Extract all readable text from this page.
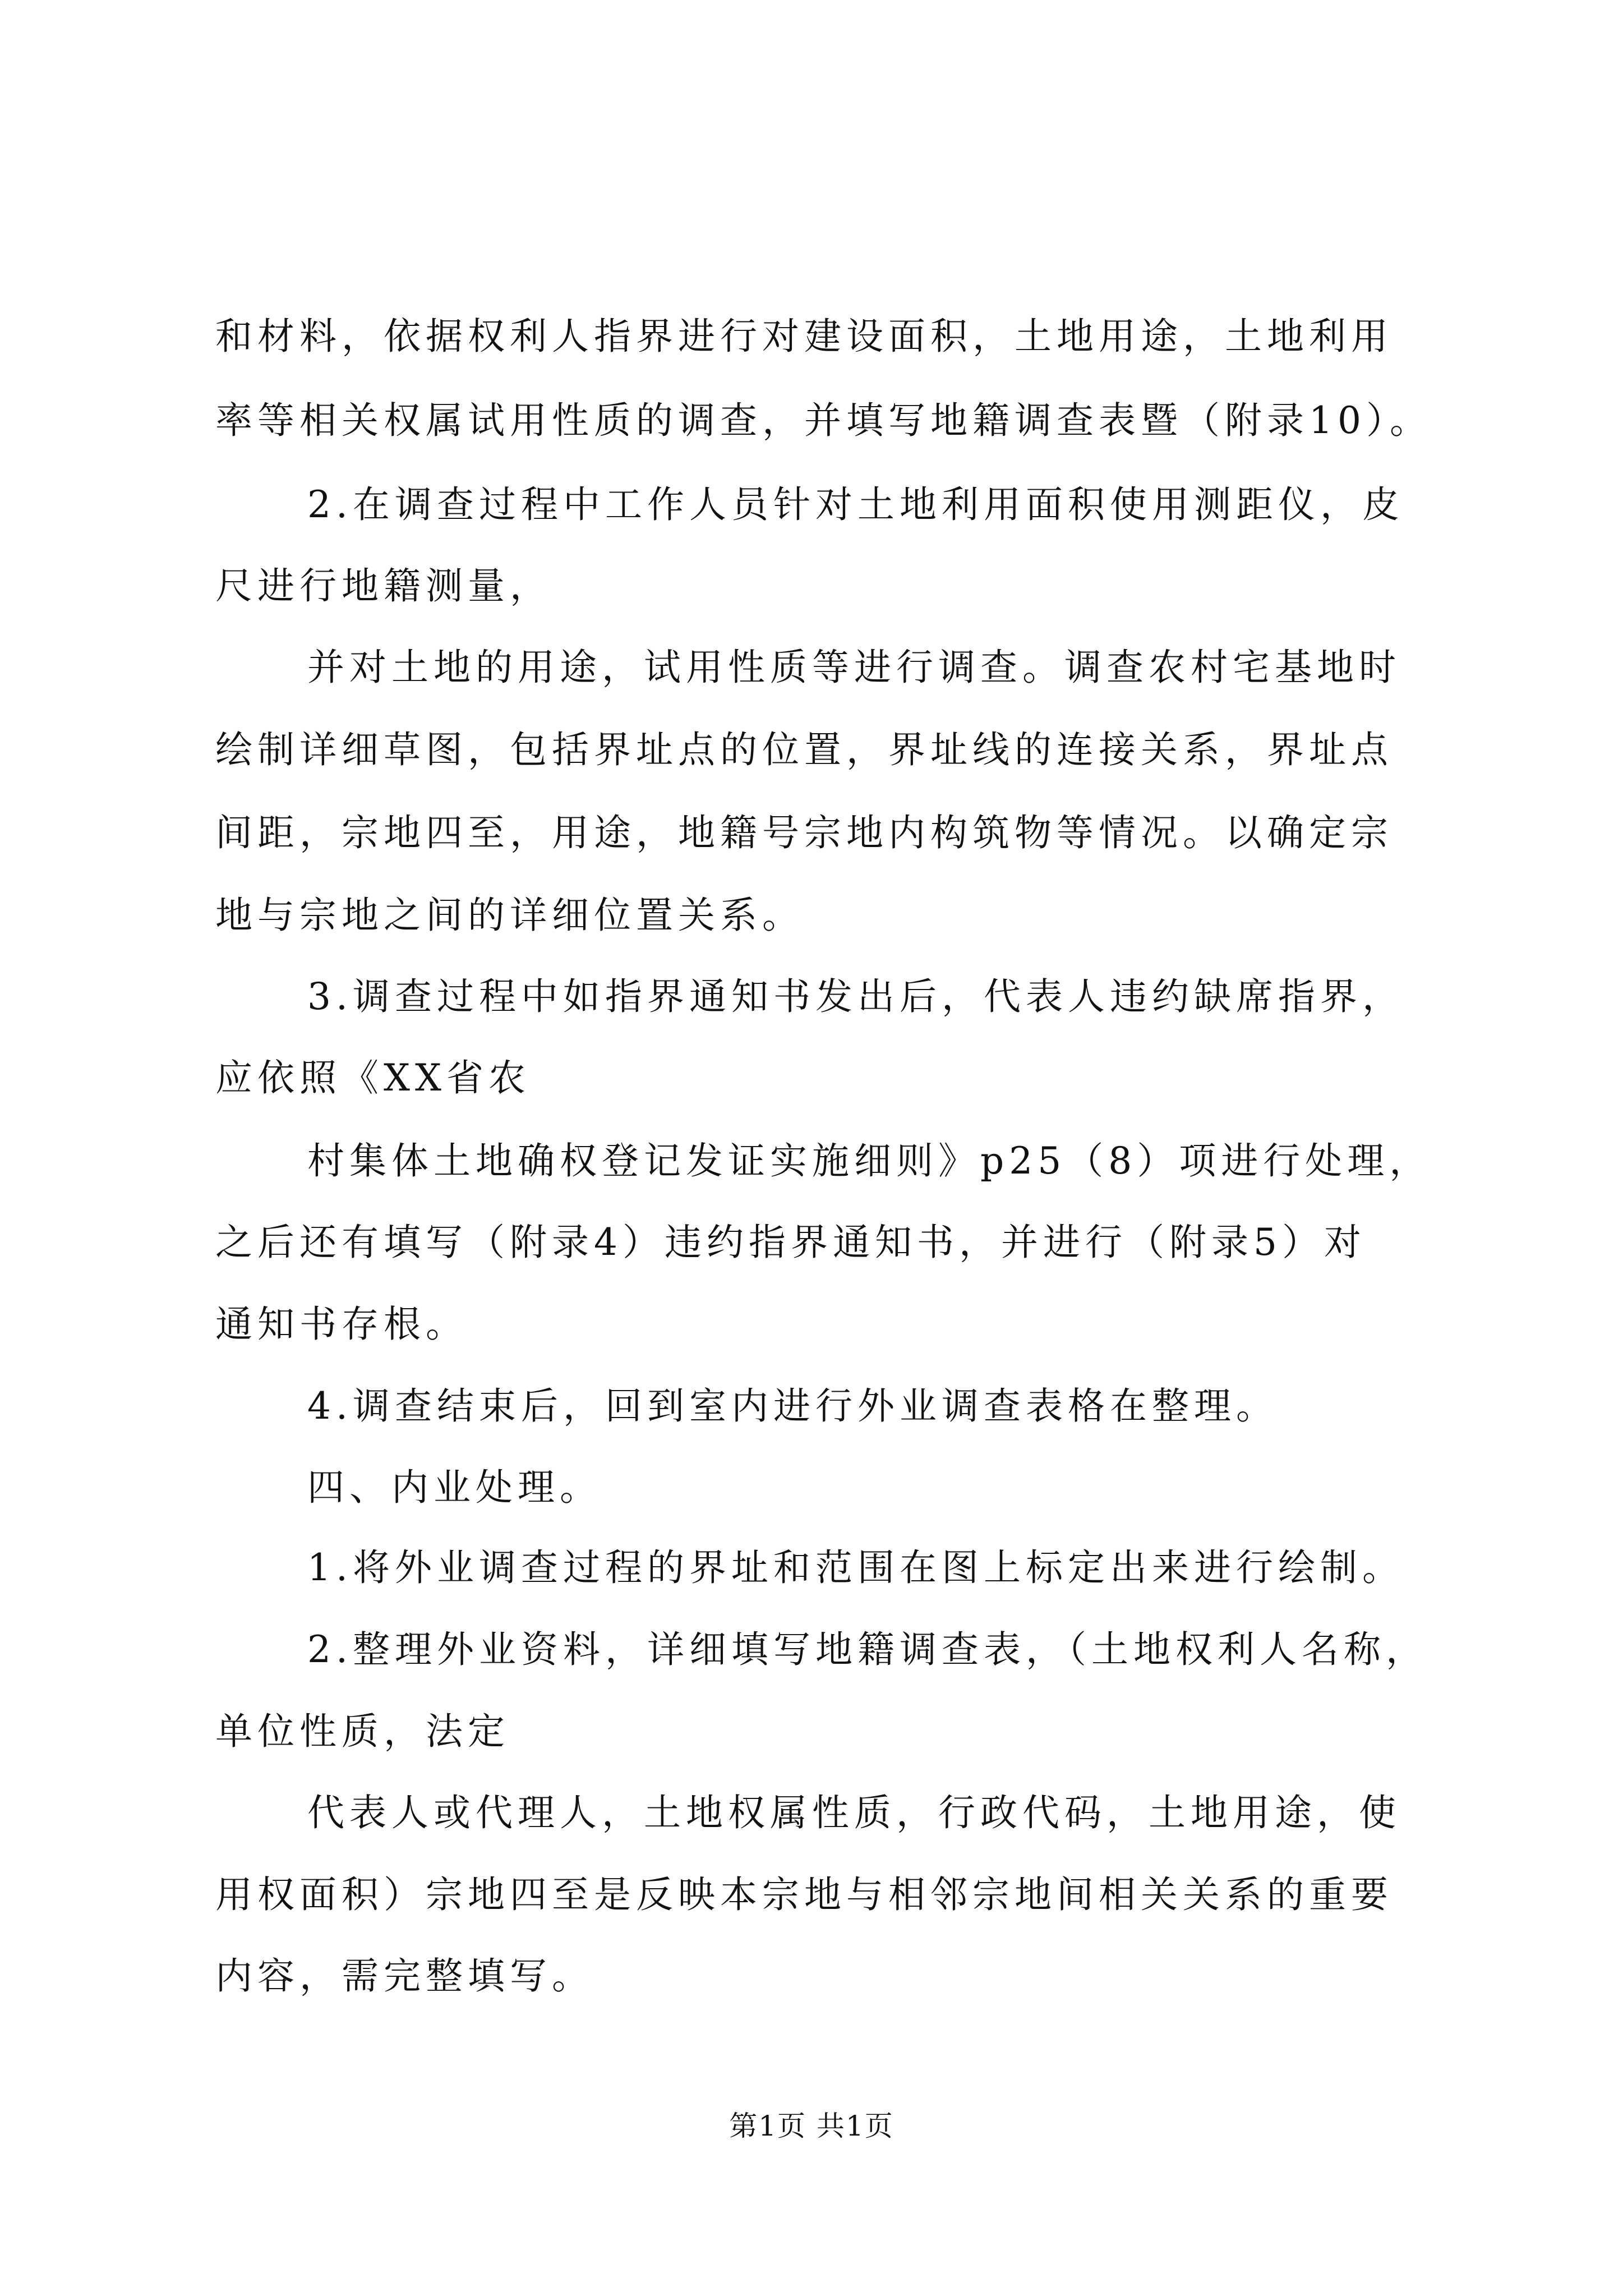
和材料，依据权利人指界进行对建设面积，土地用途，土地利用
率等相关权属试用性质的调查，并填写地籍调查表暨（附录10）。
2.在调查过程中工作人员针对土地利用面积使用测距仪，皮
尺进行地籍测量，
并对土地的用途，试用性质等进行调查。调查农村宅基地时
绘制详细草图，包括界址点的位置，界址线的连接关系，界址点
间距，宗地四至，用途，地籍号宗地内构筑物等情况。以确定宗
地与宗地之间的详细位置关系。
3.调查过程中如指界通知书发出后，代表人违约缺席指界，
应依照《XX省农
村集体土地确权登记发证实施细则》p25（8）项进行处理，
之后还有填写（附录4）违约指界通知书，并进行（附录5）对
通知书存根。
4.调查结束后，回到室内进行外业调查表格在整理。
四、内业处理。
1.将外业调查过程的界址和范围在图上标定出来进行绘制。
2.整理外业资料，详细填写地籍调查表，（土地权利人名称，
单位性质，法定
代表人或代理人，土地权属性质，行政代码，土地用途，使
用权面积）宗地四至是反映本宗地与相邻宗地间相关关系的重要
内容，需完整填写。
第1页 共1页
